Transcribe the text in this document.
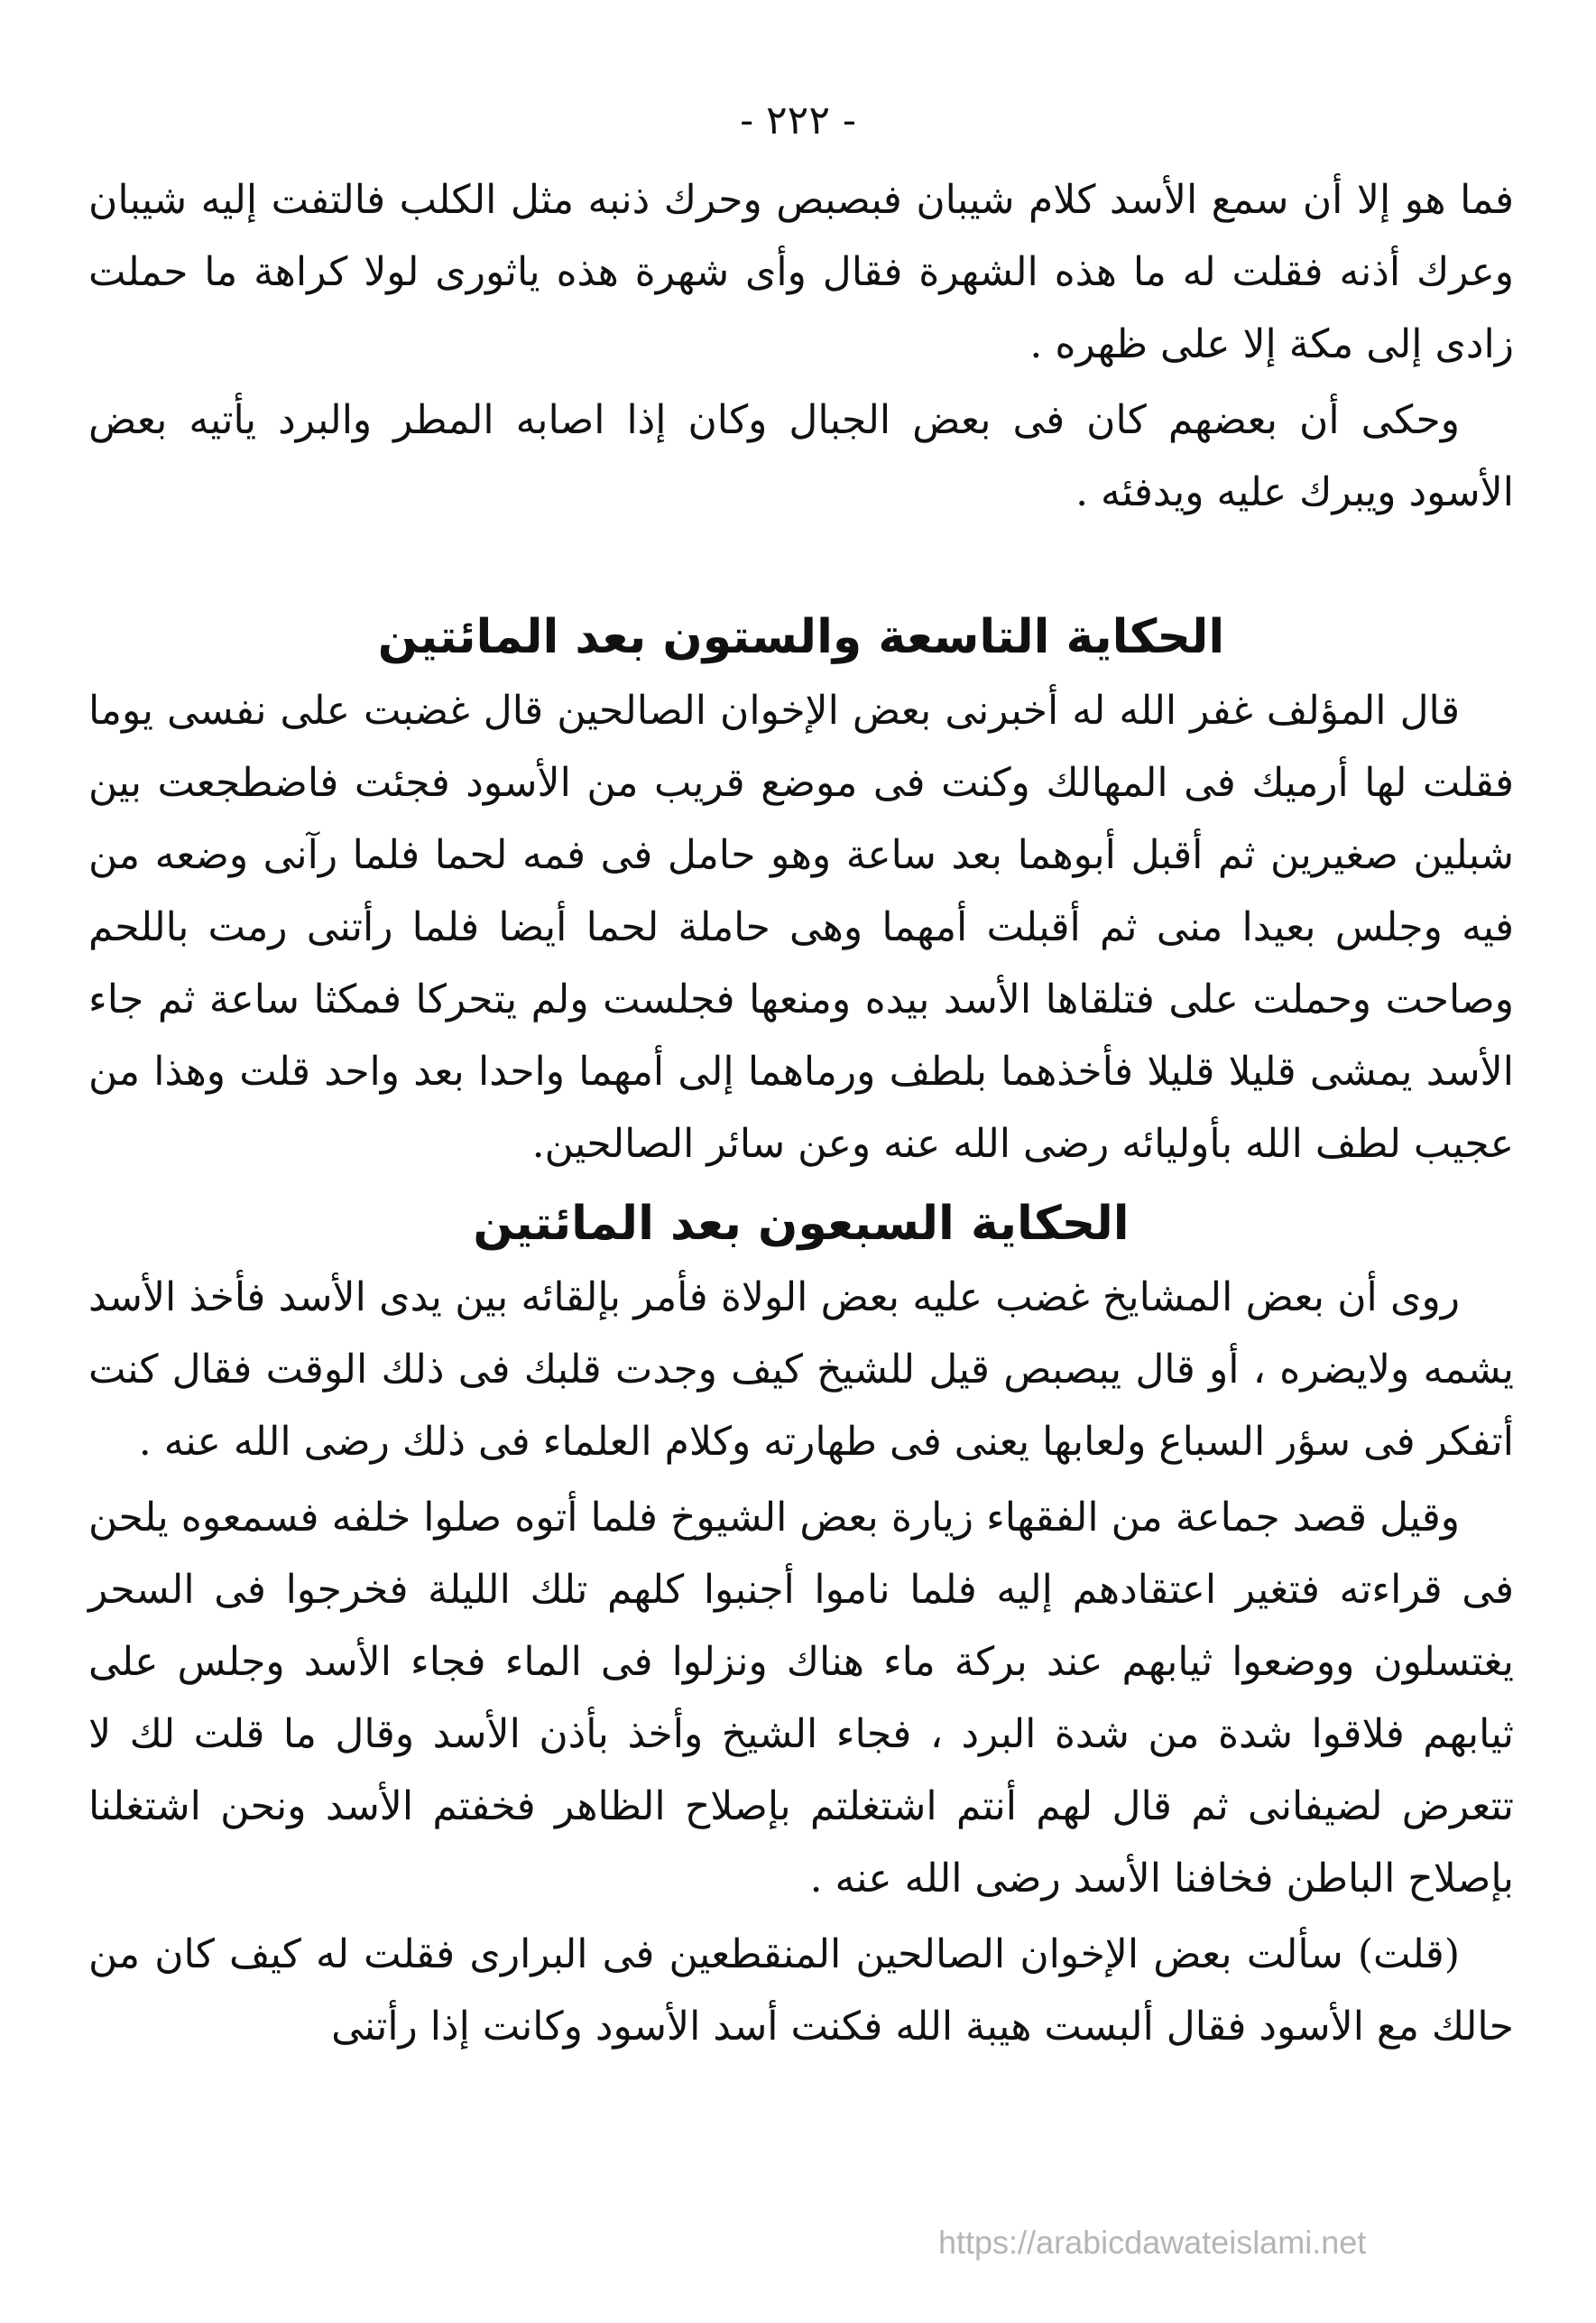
- ٢٢٢ -

فما هو إلا أن سمع الأسد كلام شيبان فبصبص وحرك ذنبه مثل الكلب فالتفت إليه شيبان وعرك أذنه فقلت له ما هذه الشهرة فقال وأى شهرة هذه ياثورى لولا كراهة ما حملت زادى إلى مكة إلا على ظهره .

وحكى أن بعضهم كان فى بعض الجبال وكان إذا اصابه المطر والبرد يأتيه بعض الأسود ويبرك عليه ويدفئه .

الحكاية التاسعة والستون بعد المائتين

قال المؤلف غفر الله له أخبرنى بعض الإخوان الصالحين قال غضبت على نفسى يوما فقلت لها أرميك فى المهالك وكنت فى موضع قريب من الأسود فجئت فاضطجعت بين شبلين صغيرين ثم أقبل أبوهما بعد ساعة وهو حامل فى فمه لحما فلما رآنى وضعه من فيه وجلس بعيدا منى ثم أقبلت أمهما وهى حاملة لحما أيضا فلما رأتنى رمت باللحم وصاحت وحملت على فتلقاها الأسد بيده ومنعها فجلست ولم يتحركا فمكثا ساعة ثم جاء الأسد يمشى قليلا قليلا فأخذهما بلطف ورماهما إلى أمهما واحدا بعد واحد قلت وهذا من عجيب لطف الله بأوليائه رضى الله عنه وعن سائر الصالحين.

الحكاية السبعون بعد المائتين

روى أن بعض المشايخ غضب عليه بعض الولاة فأمر بإلقائه بين يدى الأسد فأخذ الأسد يشمه ولايضره ، أو قال يبصبص قيل للشيخ كيف وجدت قلبك فى ذلك الوقت فقال كنت أتفكر فى سؤر السباع ولعابها يعنى فى طهارته وكلام العلماء فى ذلك رضى الله عنه .

وقيل قصد جماعة من الفقهاء زيارة بعض الشيوخ فلما أتوه صلوا خلفه فسمعوه يلحن فى قراءته فتغير اعتقادهم إليه فلما ناموا أجنبوا كلهم تلك الليلة فخرجوا فى السحر يغتسلون ووضعوا ثيابهم عند بركة ماء هناك ونزلوا فى الماء فجاء الأسد وجلس على ثيابهم فلاقوا شدة من شدة البرد ، فجاء الشيخ وأخذ بأذن الأسد وقال ما قلت لك لا تتعرض لضيفانى ثم قال لهم أنتم اشتغلتم بإصلاح الظاهر فخفتم الأسد ونحن اشتغلنا بإصلاح الباطن فخافنا الأسد رضى الله عنه .

(قلت) سألت بعض الإخوان الصالحين المنقطعين فى البرارى فقلت له كيف كان من حالك مع الأسود فقال ألبست هيبة الله فكنت أسد الأسود وكانت إذا رأتنى

https://arabicdawateislami.net
